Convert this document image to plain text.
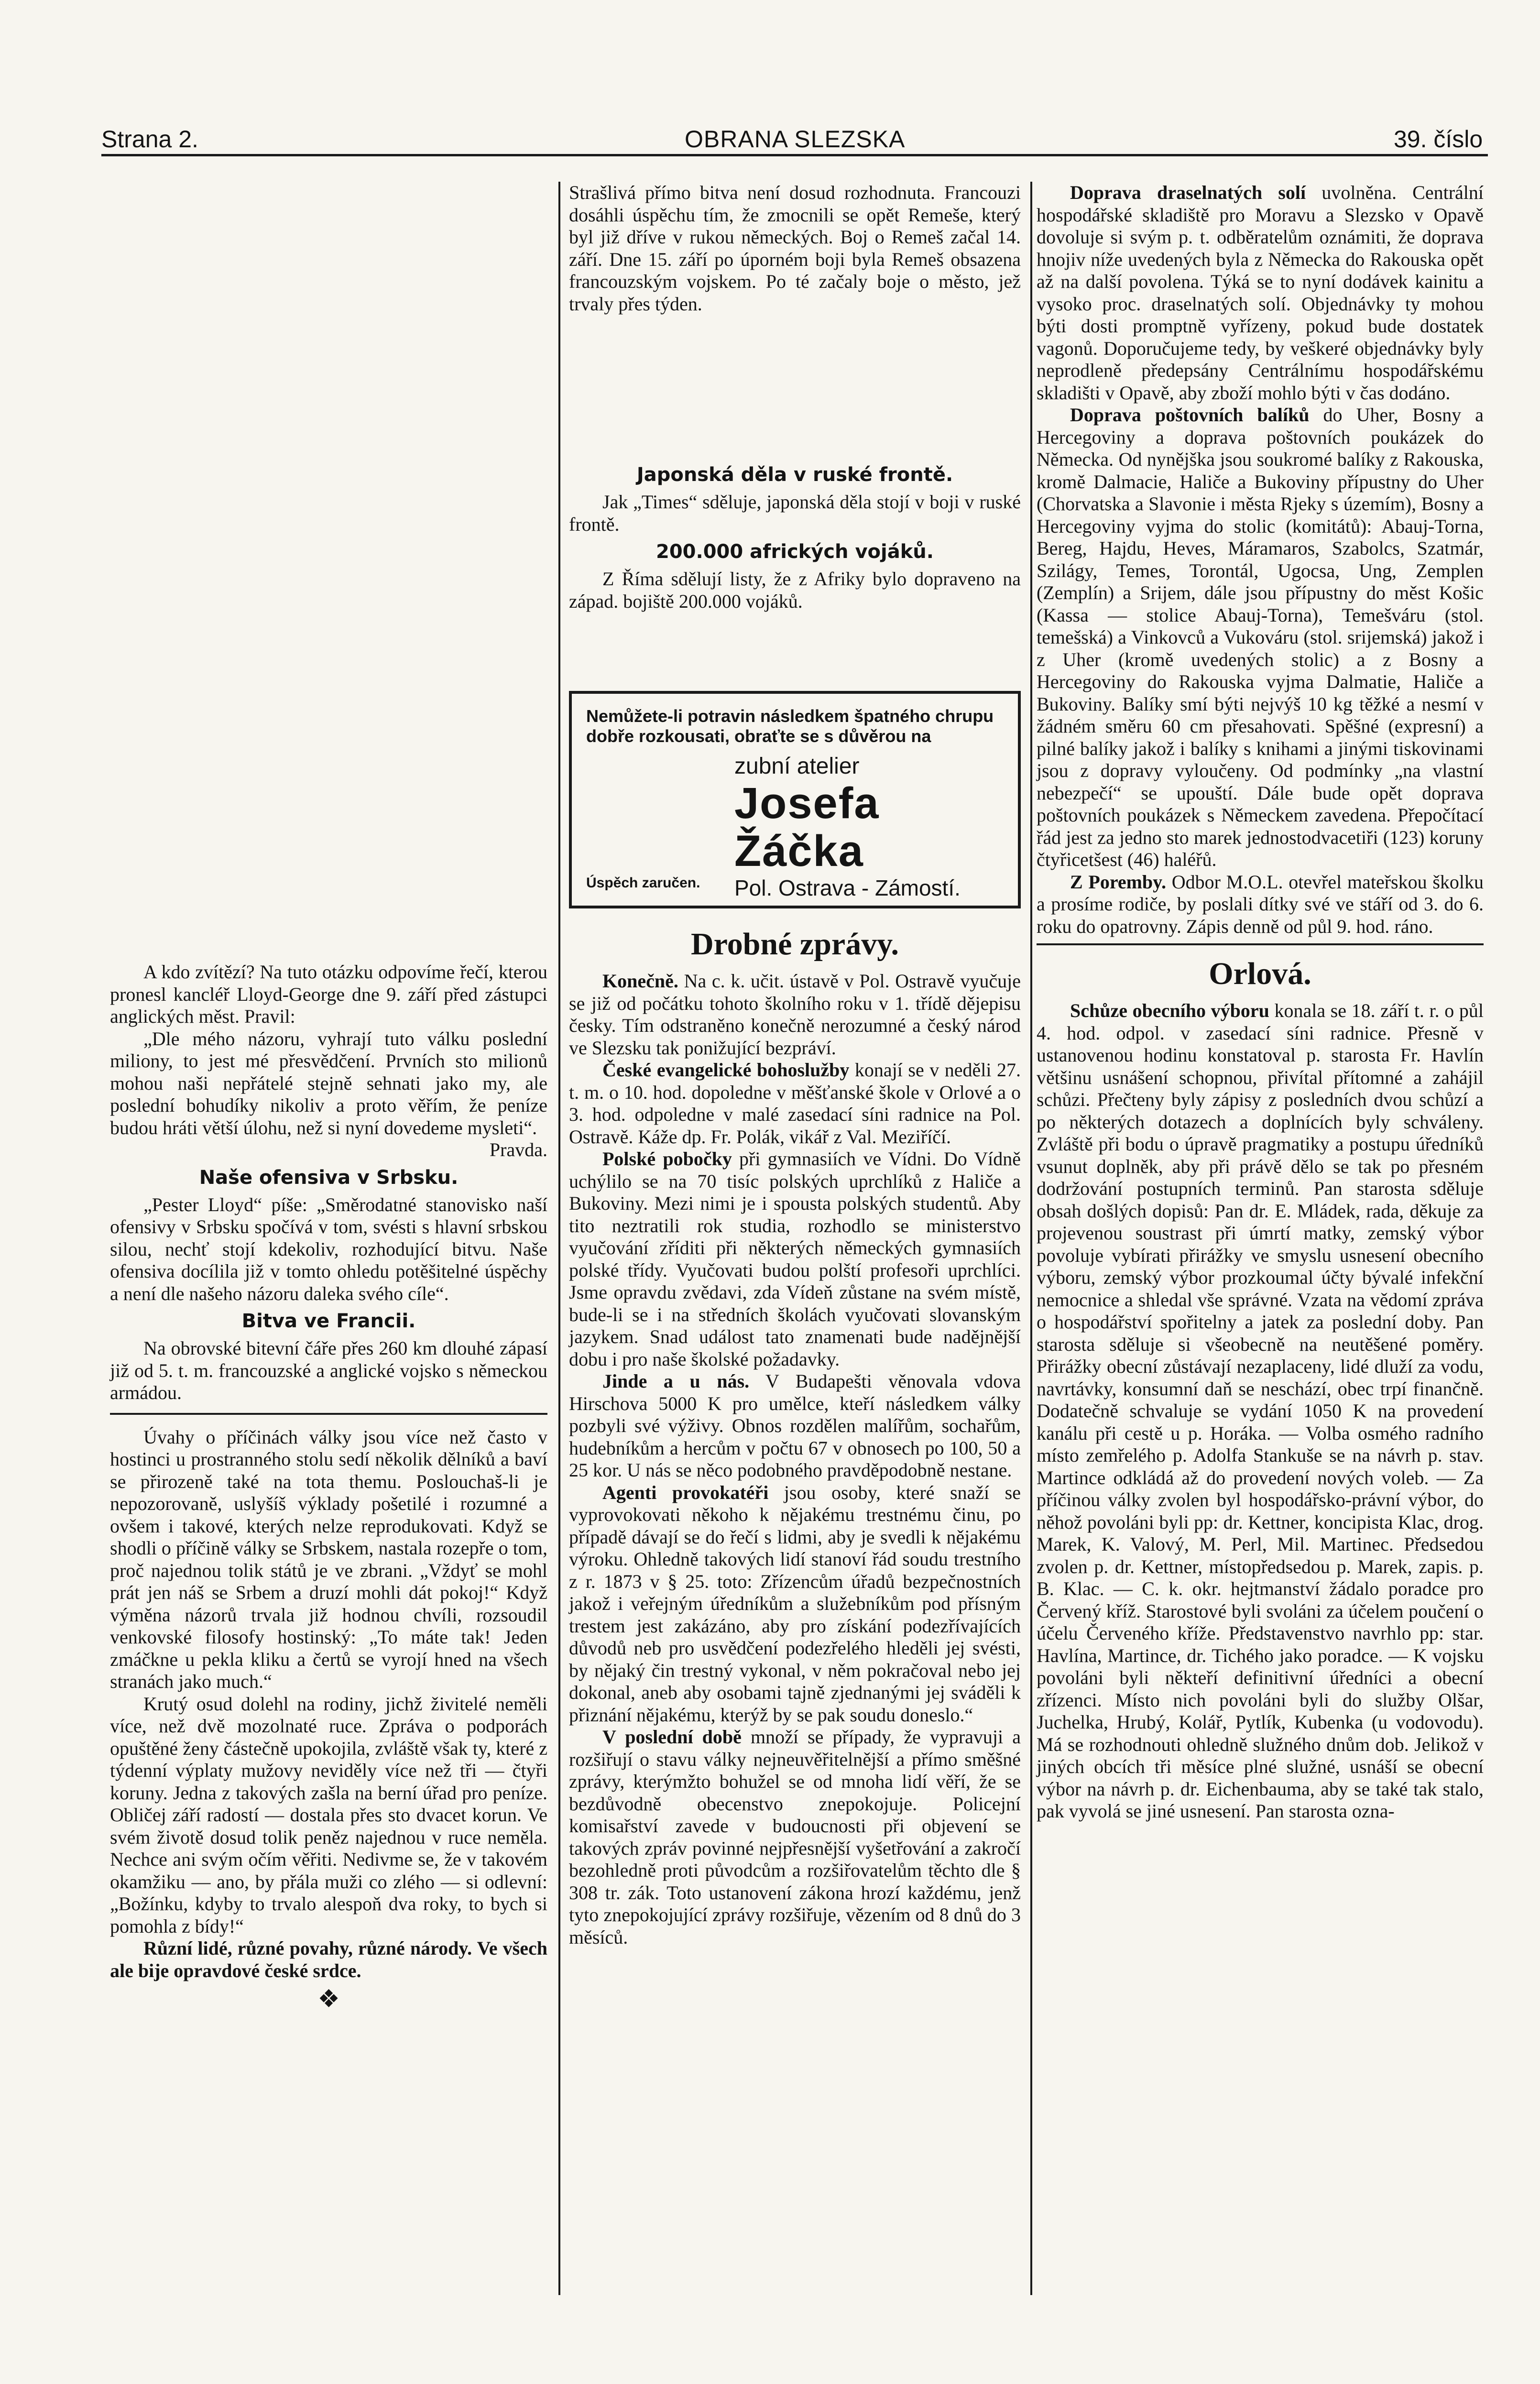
Strana 2.	OBRANA SLEZSKA	39. číslo

A kdo zvítězí? Na tuto otázku odpovíme řečí, kterou pronesl kancléř Lloyd-George dne 9. září před zástupci anglických měst. Pravil:

„Dle mého názoru, vyhrají tuto válku poslední miliony, to jest mé přesvědčení. Prvních sto milionů mohou naši nepřátelé stejně sehnati jako my, ale poslední bohudíky nikoliv a proto věřím, že peníze budou hráti větší úlohu, než si nyní dovedeme mysleti“.

Pravda.

Naše ofensiva v Srbsku.

„Pester Lloyd“ píše: „Směrodatné stanovisko naší ofensivy v Srbsku spočívá v tom, svésti s hlavní srbskou silou, nechť stojí kdekoliv, rozhodující bitvu. Naše ofensiva docílila již v tomto ohledu potěšitelné úspěchy a není dle našeho názoru daleka svého cíle“.

Bitva ve Francii.

Na obrovské bitevní čáře přes 260 km dlouhé zápasí již od 5. t. m. francouzské a anglické vojsko s německou armádou.

Úvahy o příčinách války jsou více než často v hostinci u prostranného stolu sedí několik dělníků a baví se přirozeně také na tota themu. Poslouchaš-li je nepozorovaně, uslyšíš výklady pošetilé i rozumné a ovšem i takové, kterých nelze reprodukovati. Když se shodli o příčině války se Srbskem, nastala rozepře o tom, proč najednou tolik států je ve zbrani. „Vždyť se mohl prát jen náš se Srbem a druzí mohli dát pokoj!“ Když výměna názorů trvala již hodnou chvíli, rozsoudil venkovské filosofy hostinský: „To máte tak! Jeden zmáčkne u pekla kliku a čertů se vyrojí hned na všech stranách jako much.“

Krutý osud dolehl na rodiny, jichž živitelé neměli více, než dvě mozolnaté ruce. Zpráva o podporách opuštěné ženy částečně upokojila, zvláště však ty, které z týdenní výplaty mužovy neviděly více než tři — čtyři koruny. Jedna z takových zašla na berní úřad pro peníze. Obličej září radostí — dostala přes sto dvacet korun. Ve svém životě dosud tolik peněz najednou v ruce neměla. Nechce ani svým očím věřiti. Nedivme se, že v takovém okamžiku — ano, by přála muži co zlého — si odlevní: „Božínku, kdyby to trvalo alespoň dva roky, to bych si pomohla z bídy!“

Různí lidé, různé povahy, různé národy. Ve všech ale bije opravdové české srdce.

❖

Strašlivá přímo bitva není dosud rozhodnuta. Francouzi dosáhli úspěchu tím, že zmocnili se opět Remeše, který byl již dříve v rukou německých. Boj o Remeš začal 14. září. Dne 15. září po úporném boji byla Remeš obsazena francouzským vojskem. Po té začaly boje o město, jež trvaly přes týden.

Japonská děla v ruské frontě.

Jak „Times“ sděluje, japonská děla stojí v boji v ruské frontě.

200.000 afrických vojáků.

Z Říma sdělují listy, že z Afriky bylo dopraveno na západ. bojiště 200.000 vojáků.

Nemůžete-li potravin následkem špatného chrupu dobře rozkousati, obraťte se s důvěrou na
zubní atelier
Josefa Žáčka
Pol. Ostrava - Zámostí.
Úspěch zaručen.
Drobné zprávy.

Konečně. Na c. k. učit. ústavě v Pol. Ostravě vyučuje se již od počátku tohoto školního roku v 1. třídě dějepisu česky. Tím odstraněno konečně nerozumné a český národ ve Slezsku tak ponižující bezpráví.

České evangelické bohoslužby konají se v neděli 27. t. m. o 10. hod. dopoledne v měšťanské škole v Orlové a o 3. hod. odpoledne v malé zasedací síni radnice na Pol. Ostravě. Káže dp. Fr. Polák, vikář z Val. Meziříčí.

Polské pobočky při gymnasiích ve Vídni. Do Vídně uchýlilo se na 70 tisíc polských uprchlíků z Haliče a Bukoviny. Mezi nimi je i spousta polských studentů. Aby tito neztratili rok studia, rozhodlo se ministerstvo vyučování zříditi při některých německých gymnasiích polské třídy. Vyučovati budou polští profesoři uprchlíci. Jsme opravdu zvědavi, zda Vídeň zůstane na svém místě, bude-li se i na středních školách vyučovati slovanským jazykem. Snad událost tato znamenati bude nadějnější dobu i pro naše školské požadavky.

Jinde a u nás. V Budapešti věnovala vdova Hirschova 5000 K pro umělce, kteří následkem války pozbyli své výživy. Obnos rozdělen malířům, sochařům, hudebníkům a hercům v počtu 67 v obnosech po 100, 50 a 25 kor. U nás se něco podobného pravděpodobně nestane.

Agenti provokatéři jsou osoby, které snaží se vyprovokovati někoho k nějakému trestnému činu, po případě dávají se do řečí s lidmi, aby je svedli k nějakému výroku. Ohledně takových lidí stanoví řád soudu trestního z r. 1873 v § 25. toto: Zřízencům úřadů bezpečnostních jakož i veřejným úředníkům a služebníkům pod přísným trestem jest zakázáno, aby pro získání podezřívajících důvodů neb pro usvědčení podezřelého hleděli jej svésti, by nějaký čin trestný vykonal, v něm pokračoval nebo jej dokonal, aneb aby osobami tajně zjednanými jej sváděli k přiznání nějakému, kterýž by se pak soudu doneslo.“

V poslední době množí se případy, že vypravuji a rozšiřují o stavu války nejneuvěřitelnější a přímo směšné zprávy, kterýmžto bohužel se od mnoha lidí věří, že se bezdůvodně obecenstvo znepokojuje. Policejní komisařství zavede v budoucnosti při objevení se takových zpráv povinné nejpřesnější vyšetřování a zakročí bezohledně proti původcům a rozšiřovatelům těchto dle § 308 tr. zák. Toto ustanovení zákona hrozí každému, jenž tyto znepokojující zprávy rozšiřuje, vězením od 8 dnů do 3 měsíců.

Doprava draselnatých solí uvolněna. Centrální hospodářské skladiště pro Moravu a Slezsko v Opavě dovoluje si svým p. t. odběratelům oznámiti, že doprava hnojiv níže uvedených byla z Německa do Rakouska opět až na další povolena. Týká se to nyní dodávek kainitu a vysoko proc. draselnatých solí. Objednávky ty mohou býti dosti promptně vyřízeny, pokud bude dostatek vagonů. Doporučujeme tedy, by veškeré objednávky byly neprodleně předepsány Centrálnímu hospodářskému skladišti v Opavě, aby zboží mohlo býti v čas dodáno.

Doprava poštovních balíků do Uher, Bosny a Hercegoviny a doprava poštovních poukázek do Německa. Od nynějška jsou soukromé balíky z Rakouska, kromě Dalmacie, Haliče a Bukoviny přípustny do Uher (Chorvatska a Slavonie i města Rjeky s územím), Bosny a Hercegoviny vyjma do stolic (komitátů): Abauj-Torna, Bereg, Hajdu, Heves, Máramaros, Szabolcs, Szatmár, Szilágy, Temes, Torontál, Ugocsa, Ung, Zemplen (Zemplín) a Srijem, dále jsou přípustny do měst Košic (Kassa — stolice Abauj-Torna), Temešváru (stol. temešská) a Vinkovců a Vukováru (stol. srijemská) jakož i z Uher (kromě uvedených stolic) a z Bosny a Hercegoviny do Rakouska vyjma Dalmatie, Haliče a Bukoviny. Balíky smí býti nejvýš 10 kg těžké a nesmí v žádném směru 60 cm přesahovati. Spěšné (expresní) a pilné balíky jakož i balíky s knihami a jinými tiskovinami jsou z dopravy vyloučeny. Od podmínky „na vlastní nebezpečí“ se upouští. Dále bude opět doprava poštovních poukázek s Německem zavedena. Přepočítací řád jest za jedno sto marek jednostodvacetiři (123) koruny čtyřicetšest (46) haléřů.

Z Poremby. Odbor M.O.L. otevřel mateřskou školku a prosíme rodiče, by poslali dítky své ve stáří od 3. do 6. roku do opatrovny. Zápis denně od půl 9. hod. ráno.

Orlová.

Schůze obecního výboru konala se 18. září t. r. o půl 4. hod. odpol. v zasedací síni radnice. Přesně v ustanovenou hodinu konstatoval p. starosta Fr. Havlín většinu usnášení schopnou, přivítal přítomné a zahájil schůzi. Přečteny byly zápisy z posledních dvou schůzí a po některých dotazech a doplnících byly schváleny. Zvláště při bodu o úpravě pragmatiky a postupu úředníků vsunut doplněk, aby při právě dělo se tak po přesném dodržování postupních terminů. Pan starosta sděluje obsah došlých dopisů: Pan dr. E. Mládek, rada, děkuje za projevenou soustrast při úmrtí matky, zemský výbor povoluje vybírati přirážky ve smyslu usnesení obecního výboru, zemský výbor prozkoumal účty bývalé infekční nemocnice a shledal vše správné. Vzata na vědomí zpráva o hospodářství spořitelny a jatek za poslední doby. Pan starosta sděluje si všeobecně na neutěšené poměry. Přirážky obecní zůstávají nezaplaceny, lidé dluží za vodu, navrtávky, konsumní daň se neschází, obec trpí finančně. Dodatečně schvaluje se vydání 1050 K na provedení kanálu při cestě u p. Horáka. — Volba osmého radního místo zemřelého p. Adolfa Stankuše se na návrh p. stav. Martince odkládá až do provedení nových voleb. — Za příčinou války zvolen byl hospodářsko-právní výbor, do něhož povoláni byli pp: dr. Kettner, koncipista Klac, drog. Marek, K. Valový, M. Perl, Mil. Martinec. Předsedou zvolen p. dr. Kettner, místopředsedou p. Marek, zapis. p. B. Klac. — C. k. okr. hejtmanství žádalo poradce pro Červený kříž. Starostové byli svoláni za účelem poučení o účelu Červeného kříže. Představenstvo navrhlo pp: star. Havlína, Martince, dr. Tichého jako poradce. — K vojsku povoláni byli někteří definitivní úředníci a obecní zřízenci. Místo nich povoláni byli do služby Olšar, Juchelka, Hrubý, Kolář, Pytlík, Kubenka (u vodovodu). Má se rozhodnouti ohledně služného dnům dob. Jelikož v jiných obcích tři měsíce plné služné, usnáší se obecní výbor na návrh p. dr. Eichenbauma, aby se také tak stalo, pak vyvolá se jiné usnesení. Pan starosta ozna-
